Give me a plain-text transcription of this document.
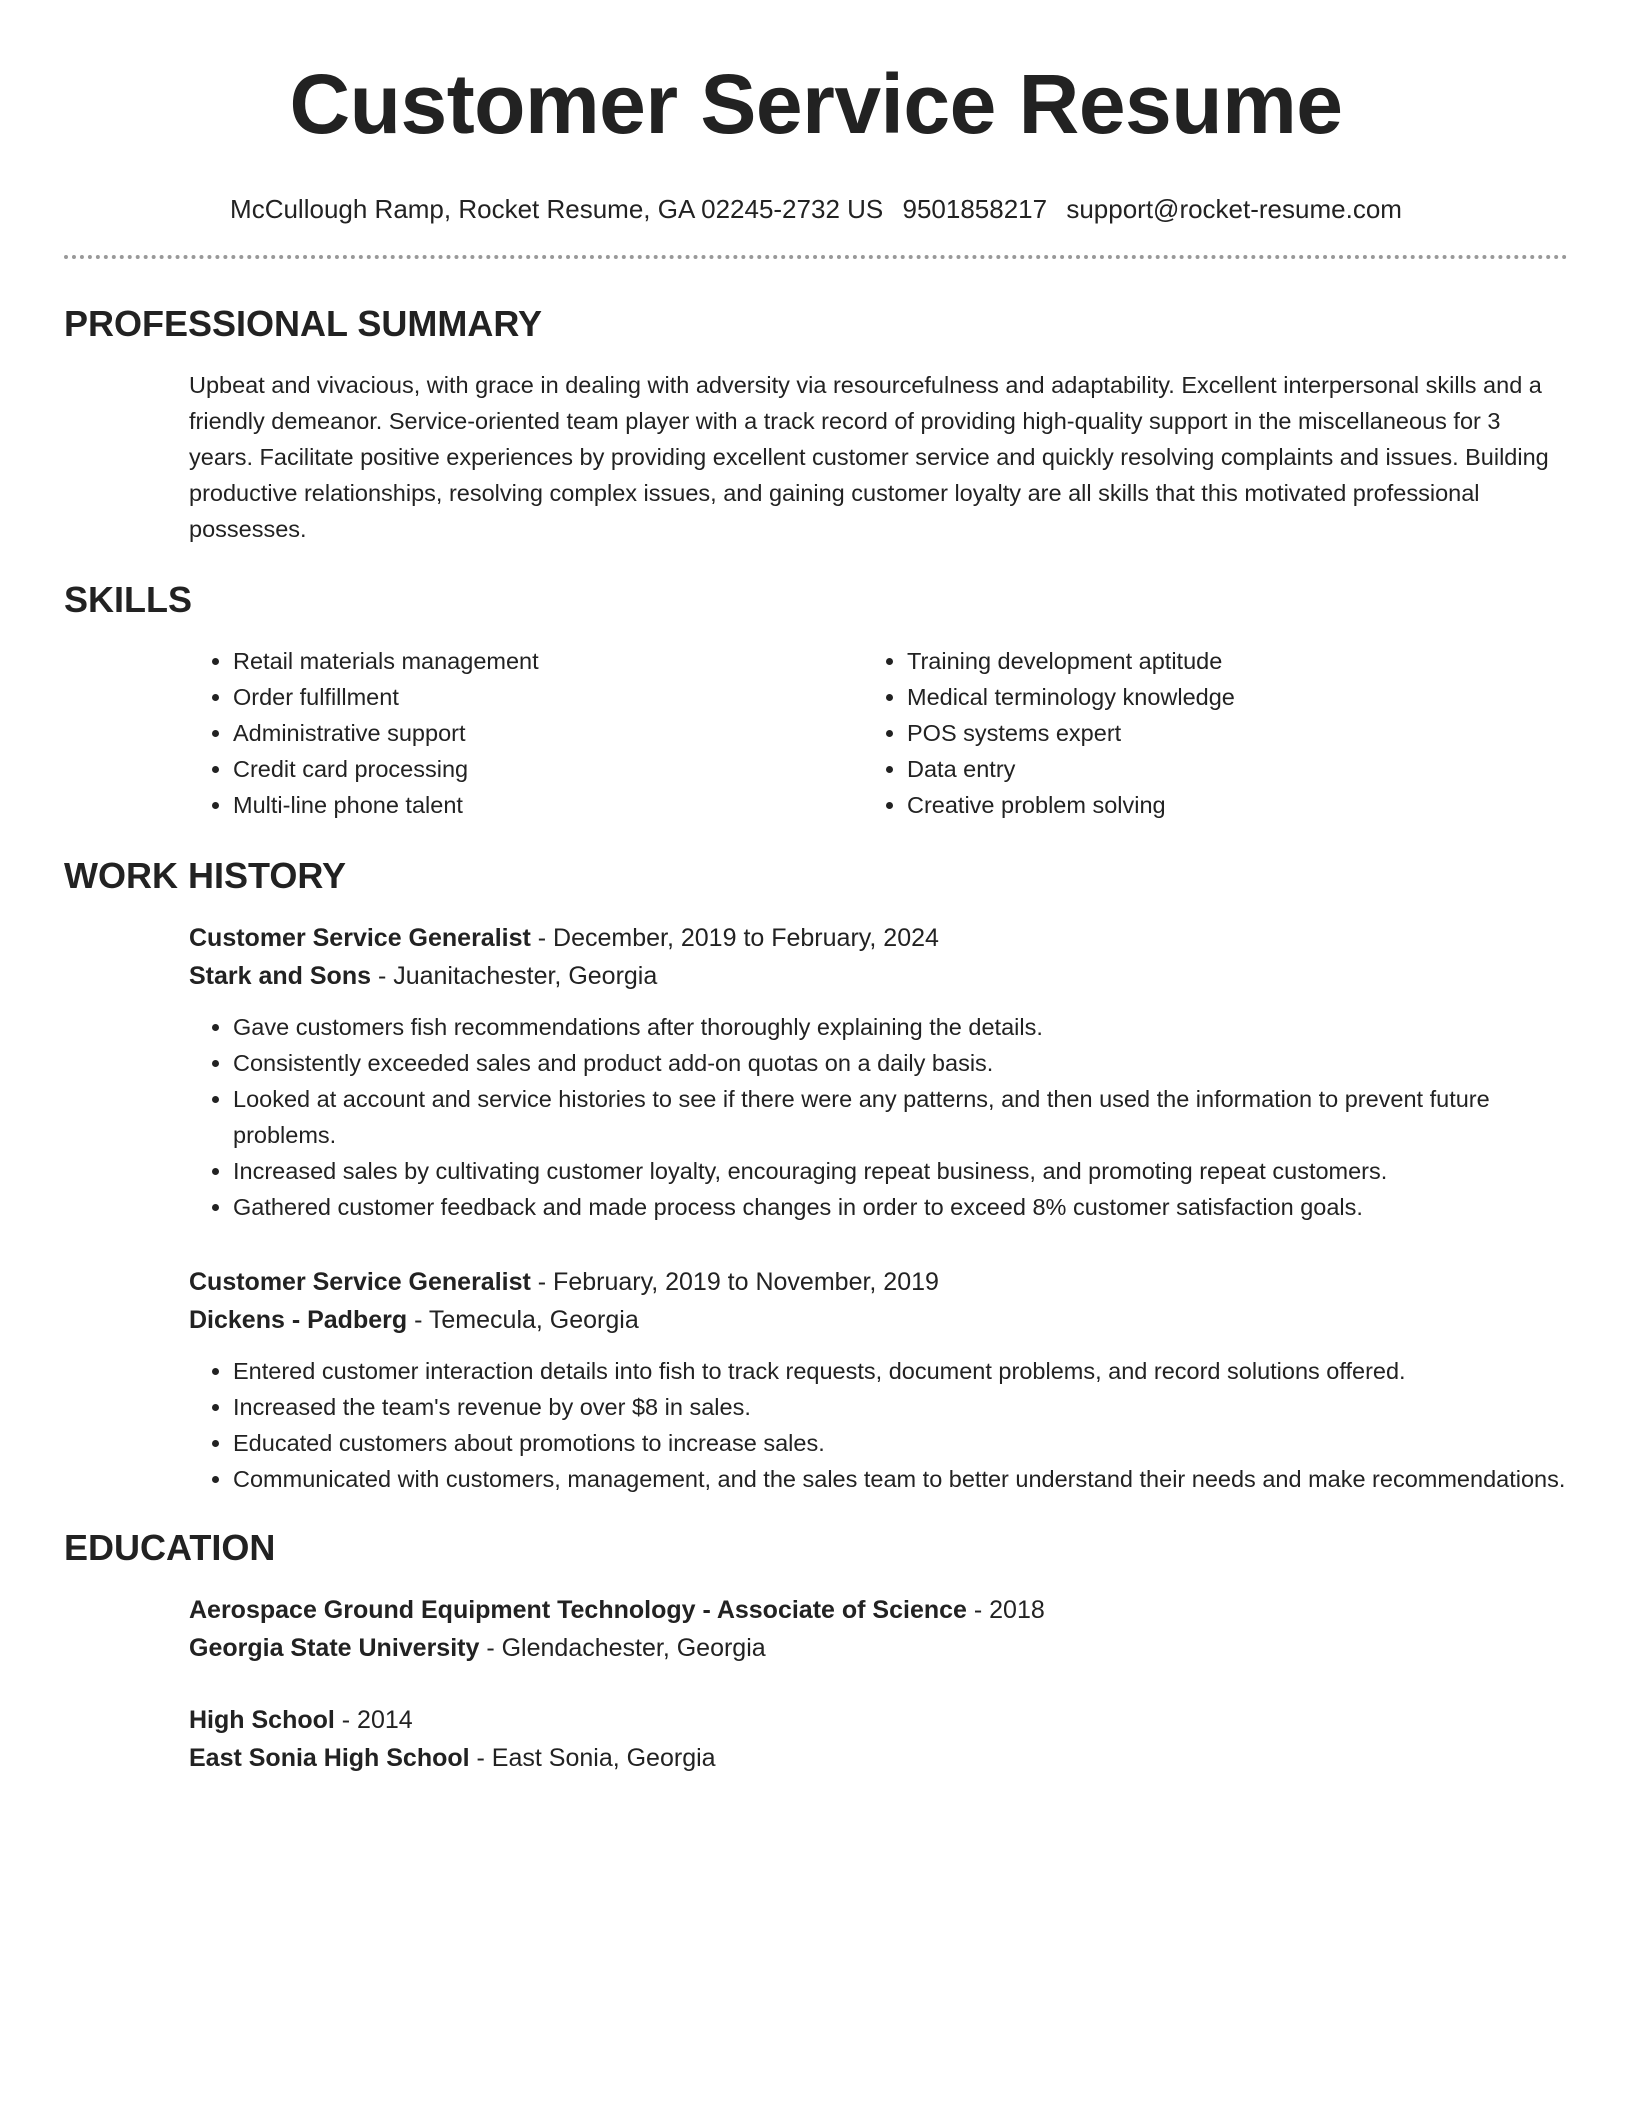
Customer Service Resume
McCullough Ramp, Rocket Resume, GA 02245-2732 US 9501858217 support@rocket-resume.com
PROFESSIONAL SUMMARY
Upbeat and vivacious, with grace in dealing with adversity via resourcefulness and adaptability. Excellent interpersonal skills and a friendly demeanor. Service-oriented team player with a track record of providing high-quality support in the miscellaneous for 3 years. Facilitate positive experiences by providing excellent customer service and quickly resolving complaints and issues. Building productive relationships, resolving complex issues, and gaining customer loyalty are all skills that this motivated professional possesses.
SKILLS
• Retail materials management
• Order fulfillment
• Administrative support
• Credit card processing
• Multi-line phone talent
• Training development aptitude
• Medical terminology knowledge
• POS systems expert
• Data entry
• Creative problem solving
WORK HISTORY
Customer Service Generalist - December, 2019 to February, 2024
Stark and Sons - Juanitachester, Georgia
• Gave customers fish recommendations after thoroughly explaining the details.
• Consistently exceeded sales and product add-on quotas on a daily basis.
• Looked at account and service histories to see if there were any patterns, and then used the information to prevent future problems.
• Increased sales by cultivating customer loyalty, encouraging repeat business, and promoting repeat customers.
• Gathered customer feedback and made process changes in order to exceed 8% customer satisfaction goals.
Customer Service Generalist - February, 2019 to November, 2019
Dickens - Padberg - Temecula, Georgia
• Entered customer interaction details into fish to track requests, document problems, and record solutions offered.
• Increased the team's revenue by over $8 in sales.
• Educated customers about promotions to increase sales.
• Communicated with customers, management, and the sales team to better understand their needs and make recommendations.
EDUCATION
Aerospace Ground Equipment Technology - Associate of Science - 2018
Georgia State University - Glendachester, Georgia
High School - 2014
East Sonia High School - East Sonia, Georgia
